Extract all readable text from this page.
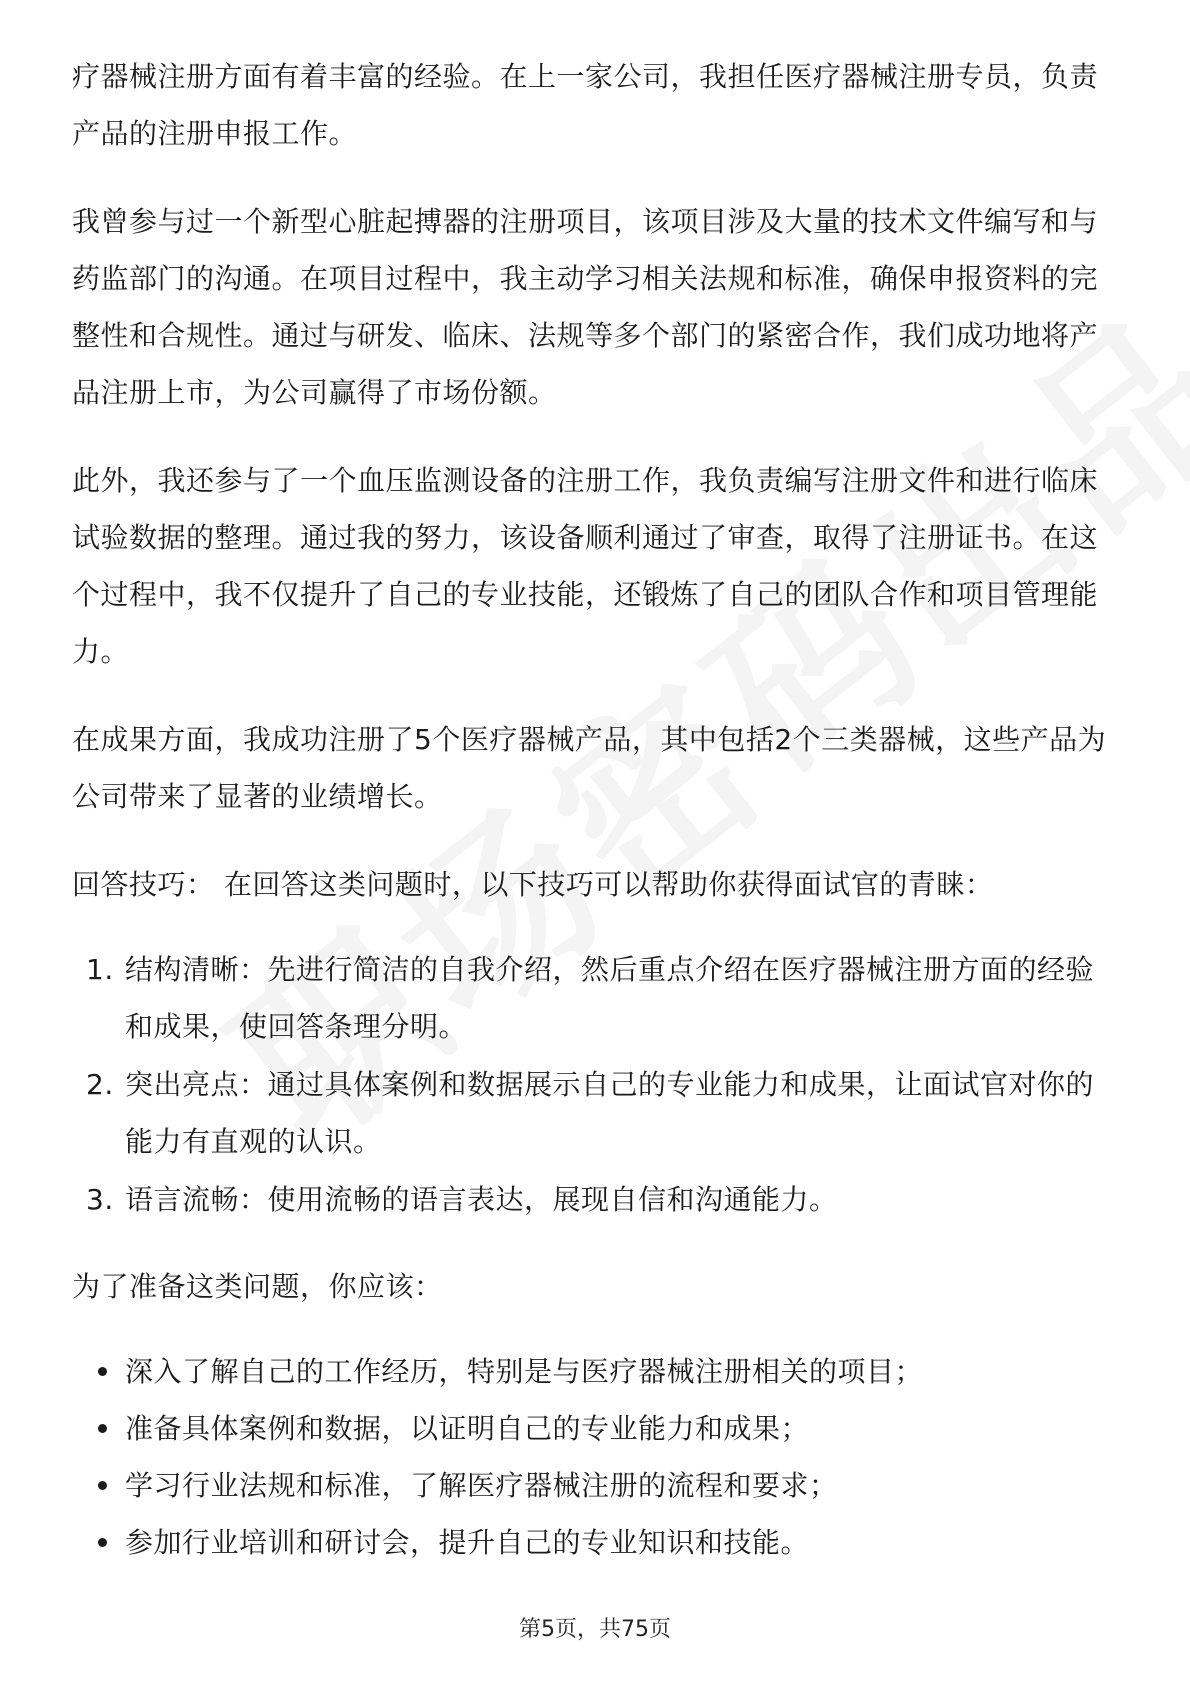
疗器械注册方面有着丰富的经验。在上一家公司，我担任医疗器械注册专员，负责产品的注册申报工作。

我曾参与过一个新型心脏起搏器的注册项目，该项目涉及大量的技术文件编写和与药监部门的沟通。在项目过程中，我主动学习相关法规和标准，确保申报资料的完整性和合规性。通过与研发、临床、法规等多个部门的紧密合作，我们成功地将产品注册上市，为公司赢得了市场份额。

此外，我还参与了一个血压监测设备的注册工作，我负责编写注册文件和进行临床试验数据的整理。通过我的努力，该设备顺利通过了审查，取得了注册证书。在这个过程中，我不仅提升了自己的专业技能，还锻炼了自己的团队合作和项目管理能力。

在成果方面，我成功注册了5个医疗器械产品，其中包括2个三类器械，这些产品为公司带来了显著的业绩增长。

回答技巧： 在回答这类问题时，以下技巧可以帮助你获得面试官的青睐：

1. 结构清晰：先进行简洁的自我介绍，然后重点介绍在医疗器械注册方面的经验和成果，使回答条理分明。
2. 突出亮点：通过具体案例和数据展示自己的专业能力和成果，让面试官对你的能力有直观的认识。
3. 语言流畅：使用流畅的语言表达，展现自信和沟通能力。

为了准备这类问题，你应该：

深入了解自己的工作经历，特别是与医疗器械注册相关的项目；
准备具体案例和数据，以证明自己的专业能力和成果；
学习行业法规和标准，了解医疗器械注册的流程和要求；
参加行业培训和研讨会，提升自己的专业知识和技能。
第5页，共75页
